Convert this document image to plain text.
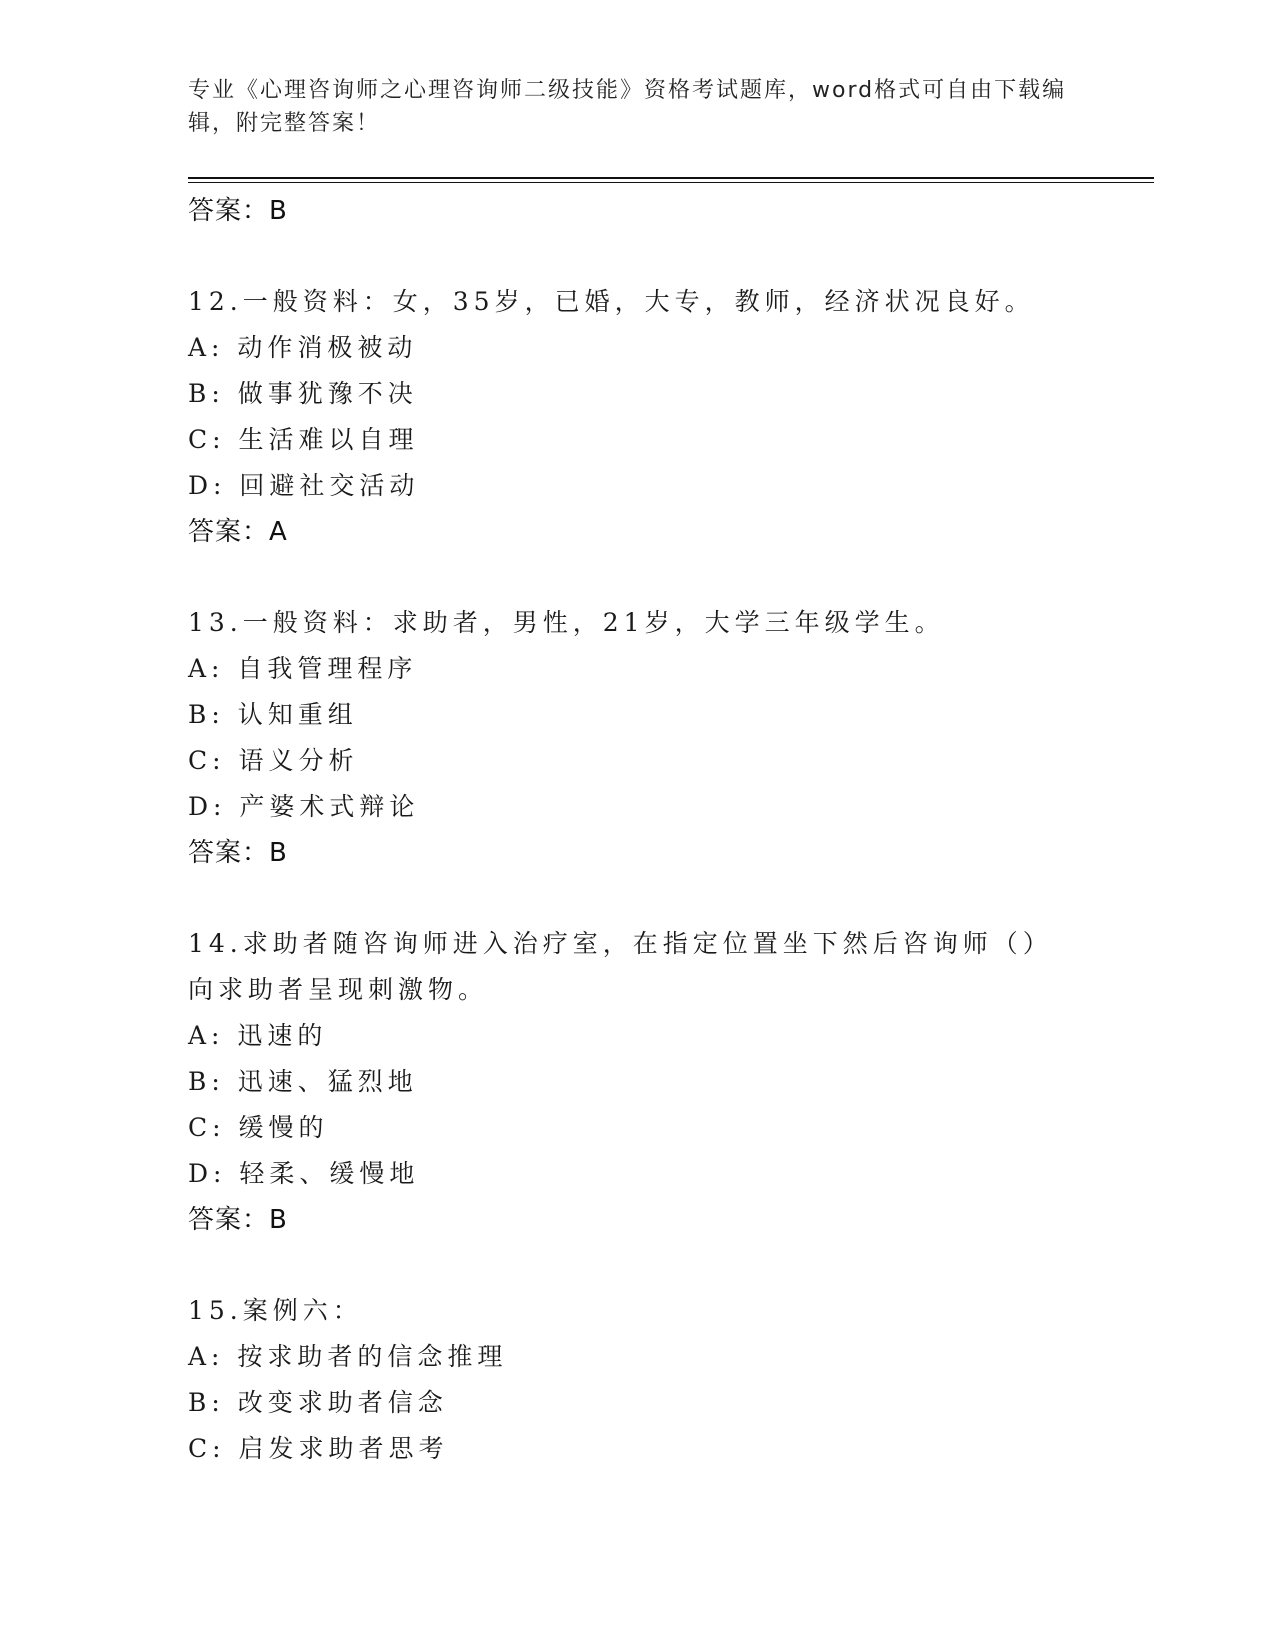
专业《心理咨询师之心理咨询师二级技能》资格考试题库，word格式可自由下载编辑，附完整答案！
答案：B
12.一般资料：女，35岁，已婚，大专，教师，经济状况良好。
A: 动作消极被动
B: 做事犹豫不决
C: 生活难以自理
D: 回避社交活动
答案：A
13.一般资料：求助者，男性，21岁，大学三年级学生。
A: 自我管理程序
B: 认知重组
C: 语义分析
D: 产婆术式辩论
答案：B
14.求助者随咨询师进入治疗室，在指定位置坐下然后咨询师（）向求助者呈现刺激物。
A: 迅速的
B: 迅速、猛烈地
C: 缓慢的
D: 轻柔、缓慢地
答案：B
15.案例六：
A: 按求助者的信念推理
B: 改变求助者信念
C: 启发求助者思考
